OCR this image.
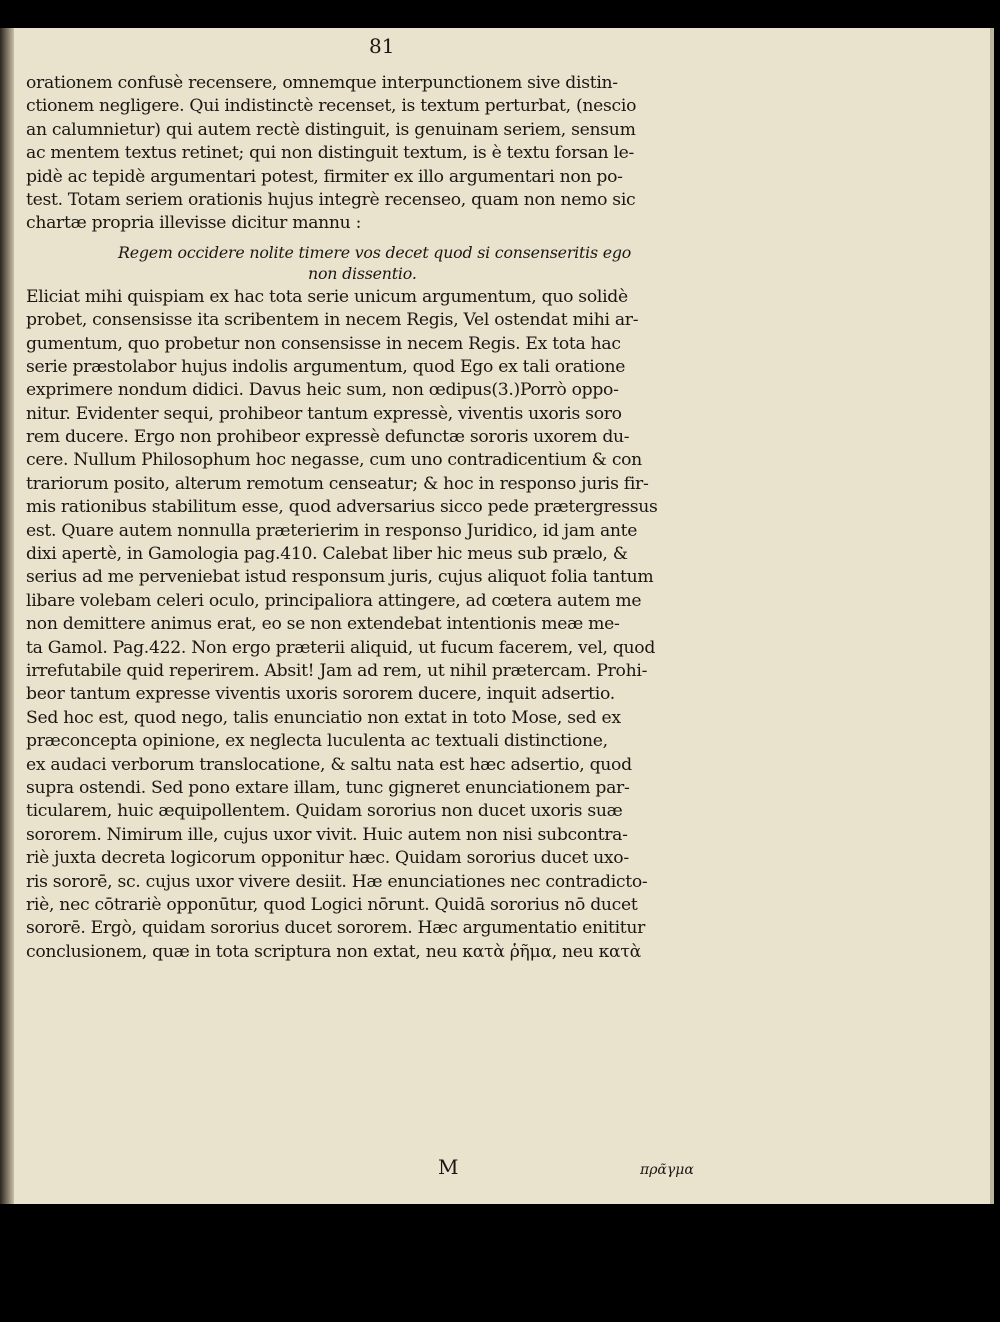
81
orationem confusè recensere, omnemque interpunctionem sive distin-
ctionem negligere. Qui indistinctè recenset, is textum perturbat, (nescio
an calumnietur) qui autem rectè distinguit, is genuinam seriem, sensum
ac mentem textus retinet; qui non distinguit textum, is è textu forsan le-
pidè ac tepidè argumentari potest, firmiter ex illo argumentari non po-
test. Totam seriem orationis hujus integrè recenseo, quam non nemo sic
chartæ propria illevisse dicitur mannu :
Regem occidere nolite timere vos decet quod si consenseritis ego
non dissentio.
Eliciat mihi quispiam ex hac tota serie unicum argumentum, quo solidè
probet, consensisse ita scribentem in necem Regis, Vel ostendat mihi ar-
gumentum, quo probetur non consensisse in necem Regis. Ex tota hac
serie præstolabor hujus indolis argumentum, quod Ego ex tali oratione
exprimere nondum didici. Davus heic sum, non œdipus(3.)Porrò oppo-
nitur. Evidenter sequi, prohibeor tantum expressè, viventis uxoris soro
rem ducere. Ergo non prohibeor expressè defunctæ sororis uxorem du-
cere. Nullum Philosophum hoc negasse, cum uno contradicentium & con
trariorum posito, alterum remotum censeatur; & hoc in responso juris fir-
mis rationibus stabilitum esse, quod adversarius sicco pede prætergressus
est. Quare autem nonnulla præterierim in responso Juridico, id jam ante
dixi apertè, in Gamologia pag.410. Calebat liber hic meus sub prælo, &
serius ad me perveniebat istud responsum juris, cujus aliquot folia tantum
libare volebam celeri oculo, principaliora attingere, ad cœtera autem me
non demittere animus erat, eo se non extendebat intentionis meæ me-
ta Gamol. Pag.422. Non ergo præterii aliquid, ut fucum facerem, vel, quod
irrefutabile quid reperirem. Absit! Jam ad rem, ut nihil prætercam. Prohi-
beor tantum expresse viventis uxoris sororem ducere, inquit adsertio.
Sed hoc est, quod nego, talis enunciatio non extat in toto Mose, sed ex
præconcepta opinione, ex neglecta luculenta ac textuali distinctione,
ex audaci verborum translocatione, & saltu nata est hæc adsertio, quod
supra ostendi. Sed pono extare illam, tunc gigneret enunciationem par-
ticularem, huic æquipollentem. Quidam sororius non ducet uxoris suæ
sororem. Nimirum ille, cujus uxor vivit. Huic autem non nisi subcontra-
riè juxta decreta logicorum opponitur hæc. Quidam sororius ducet uxo-
ris sororē, sc. cujus uxor vivere desiit. Hæ enunciationes nec contradicto-
riè, nec cōtrariè opponūtur, quod Logici nōrunt. Quidā sororius nō ducet
sororē. Ergò, quidam sororius ducet sororem. Hæc argumentatio enititur
conclusionem, quæ in tota scriptura non extat, neu κατὰ ῥῆμα, neu κατὰ
M	πρᾶγμα
